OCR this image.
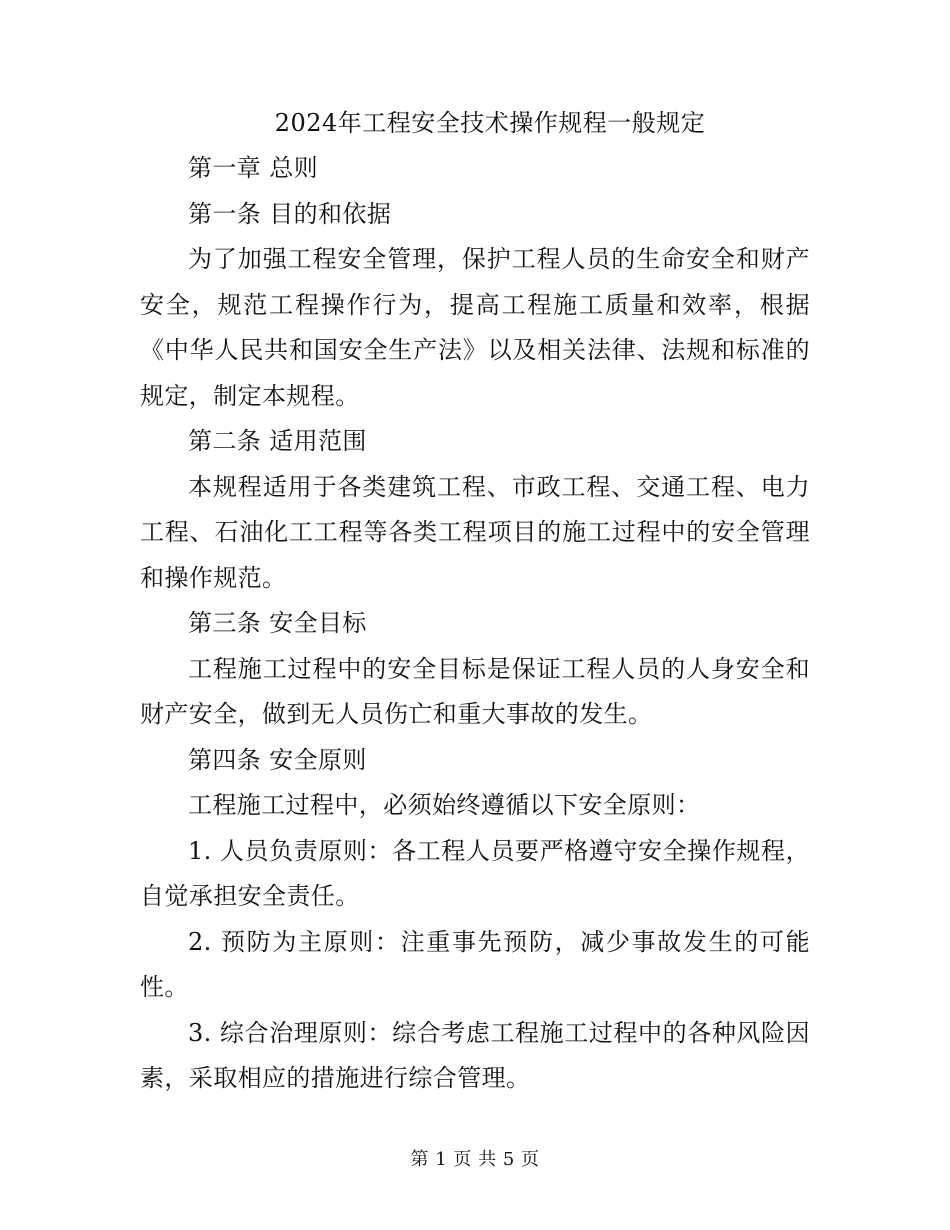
2024年工程安全技术操作规程一般规定

第一章 总则

第一条 目的和依据

为了加强工程安全管理，保护工程人员的生命安全和财产安全，规范工程操作行为，提高工程施工质量和效率，根据《中华人民共和国安全生产法》以及相关法律、法规和标准的规定，制定本规程。

第二条 适用范围

本规程适用于各类建筑工程、市政工程、交通工程、电力工程、石油化工工程等各类工程项目的施工过程中的安全管理和操作规范。

第三条 安全目标

工程施工过程中的安全目标是保证工程人员的人身安全和财产安全，做到无人员伤亡和重大事故的发生。

第四条 安全原则

工程施工过程中，必须始终遵循以下安全原则：

1. 人员负责原则：各工程人员要严格遵守安全操作规程，自觉承担安全责任。

2. 预防为主原则：注重事先预防，减少事故发生的可能性。

3. 综合治理原则：综合考虑工程施工过程中的各种风险因素，采取相应的措施进行综合管理。

第 1 页 共 5 页
